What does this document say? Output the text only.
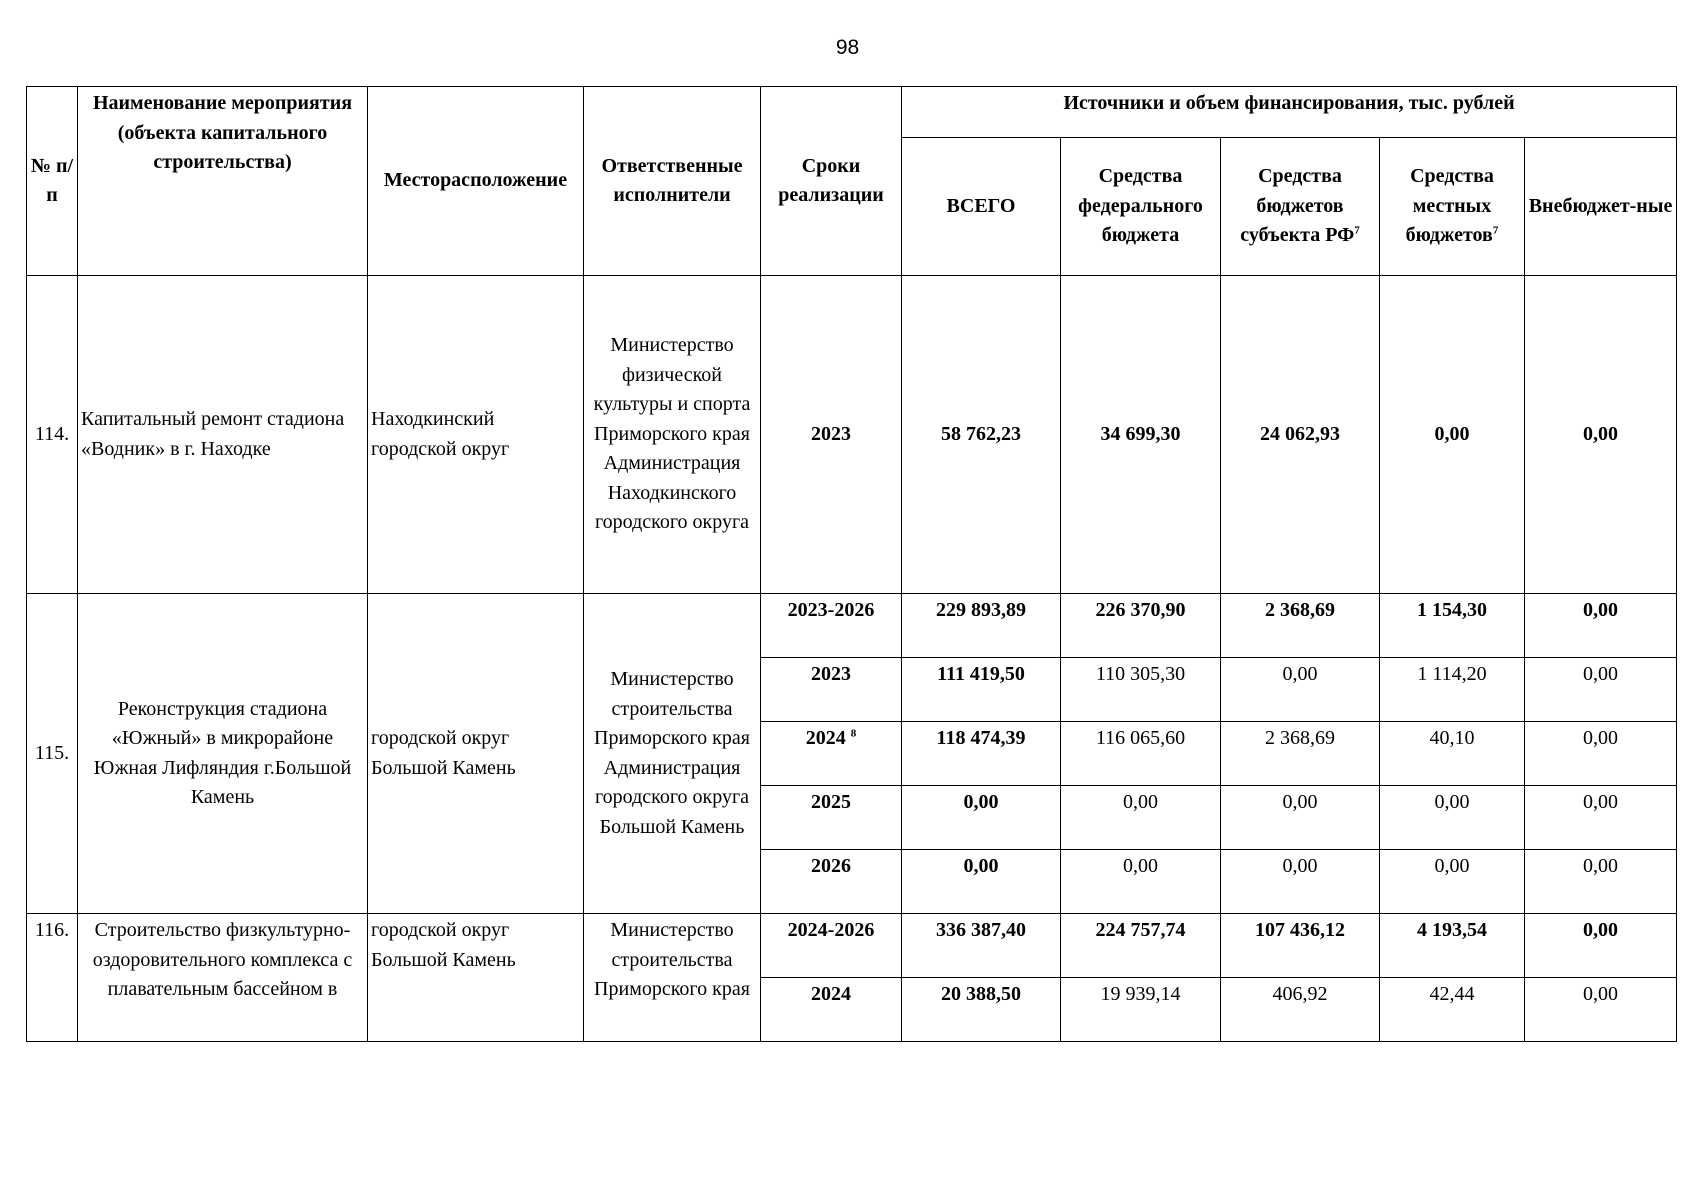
98
№ п/п	Наименование мероприятия (объекта капитального строительства)	Месторасположение	Ответственные исполнители	Сроки реализации	Источники и объем финансирования, тыс. рублей				
					ВСЕГО	Средства федерального бюджета	Средства бюджетов субъекта $РФ^7$	Средства местных бюджетов$^7$	Внебюджет-ные
114.	Капитальный ремонт стадиона «Водник» в г. Находке	Находкинский городской округ	Министерство физической культуры и спорта Приморского края Администрация Находкинского городского округа	2023	58 762,23	34 699,30	24 062,93	0,00	0,00
115.	Реконструкция стадиона «Южный» в микрорайоне Южная Лифляндия г.Большой Камень	городской округ Большой Камень	Министерство строительства Приморского края Администрация городского округа Большой Камень	2023-2026	229 893,89	226 370,90	2 368,69	1 154,30	0,00
				2023	111 419,50	110 305,30	0,00	1 114,20	0,00
				2024 $^8$	118 474,39	116 065,60	2 368,69	40,10	0,00
				2025	0,00	0,00	0,00	0,00	0,00
				2026	0,00	0,00	0,00	0,00	0,00
116.	Строительство физкультурно-оздоровительного комплекса с плавательным бассейном в	городской округ Большой Камень	Министерство строительства Приморского края	2024-2026	336 387,40	224 757,74	107 436,12	4 193,54	0,00
				2024	20 388,50	19 939,14	406,92	42,44	0,00
